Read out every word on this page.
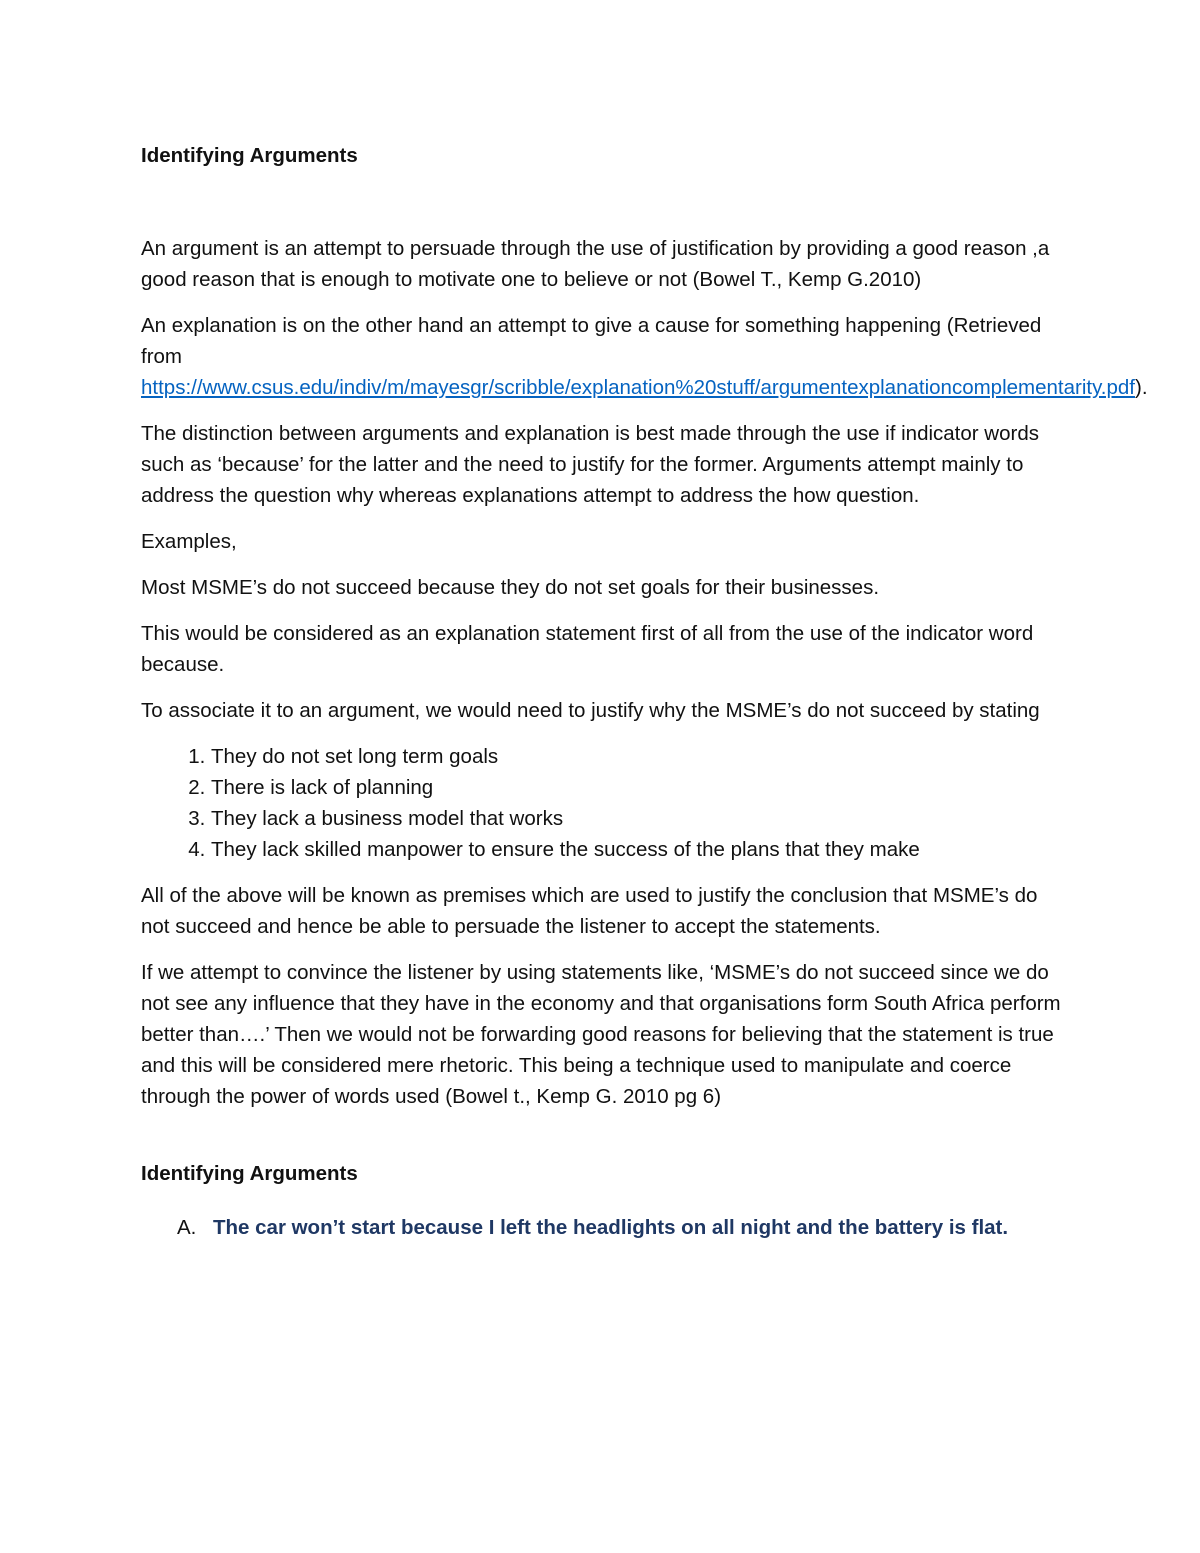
Identifying Arguments

An argument is an attempt to persuade through the use of justification by providing a good reason ,a good reason that is enough to motivate one to believe or not (Bowel T., Kemp G.2010)

An explanation is on the other hand an attempt to give a cause for something happening (Retrieved from https://www.csus.edu/indiv/m/mayesgr/scribble/explanation%20stuff/argumentexplanationcomplementarity.pdf).

The distinction between arguments and explanation is best made through the use if indicator words such as ‘because’ for the latter and the need to justify for the former. Arguments attempt mainly to address the question why whereas explanations attempt to address the how question.

Examples,

Most MSME’s do not succeed because they do not set goals for their businesses.

This would be considered as an explanation statement first of all from the use of the indicator word because.

To associate it to an argument, we would need to justify why the MSME’s do not succeed by stating

1. They do not set long term goals
2. There is lack of planning
3. They lack a business model that works
4. They lack skilled manpower to ensure the success of the plans that they make

All of the above will be known as premises which are used to justify the conclusion that MSME’s do not succeed and hence be able to persuade the listener to accept the statements.

If we attempt to convince the listener by using statements like, ‘MSME’s do not succeed since we do not see any influence that they have in the economy and that organisations form South Africa perform better than….’ Then we would not be forwarding good reasons for believing that the statement is true and this will be considered mere rhetoric. This being a technique used to manipulate and coerce through the power of words used (Bowel t., Kemp G. 2010 pg 6)

Identifying Arguments

A. The car won’t start because I left the headlights on all night and the battery is flat.
